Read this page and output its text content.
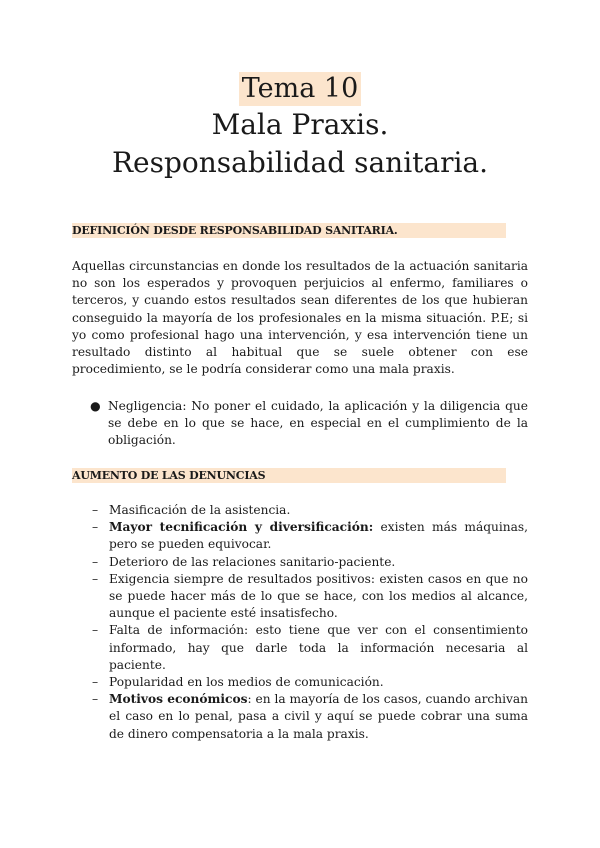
Tema 10
Mala Praxis.
Responsabilidad sanitaria.
DEFINICIÓN DESDE RESPONSABILIDAD SANITARIA.
Aquellas circunstancias en donde los resultados de la actuación sanitaria no son los esperados y provoquen perjuicios al enfermo, familiares o terceros, y cuando estos resultados sean diferentes de los que hubieran conseguido la mayoría de los profesionales en la misma situación. P.E; si yo como profesional hago una intervención, y esa intervención tiene un resultado distinto al habitual que se suele obtener con ese procedimiento, se le podría considerar como una mala praxis.
● Negligencia: No poner el cuidado, la aplicación y la diligencia que se debe en lo que se hace, en especial en el cumplimiento de la obligación.
AUMENTO DE LAS DENUNCIAS
– Masificación de la asistencia.
– Mayor tecnificación y diversificación: existen más máquinas, pero se pueden equivocar.
– Deterioro de las relaciones sanitario-paciente.
– Exigencia siempre de resultados positivos: existen casos en que no se puede hacer más de lo que se hace, con los medios al alcance, aunque el paciente esté insatisfecho.
– Falta de información: esto tiene que ver con el consentimiento informado, hay que darle toda la información necesaria al paciente.
– Popularidad en los medios de comunicación.
– Motivos económicos: en la mayoría de los casos, cuando archivan el caso en lo penal, pasa a civil y aquí se puede cobrar una suma de dinero compensatoria a la mala praxis.
